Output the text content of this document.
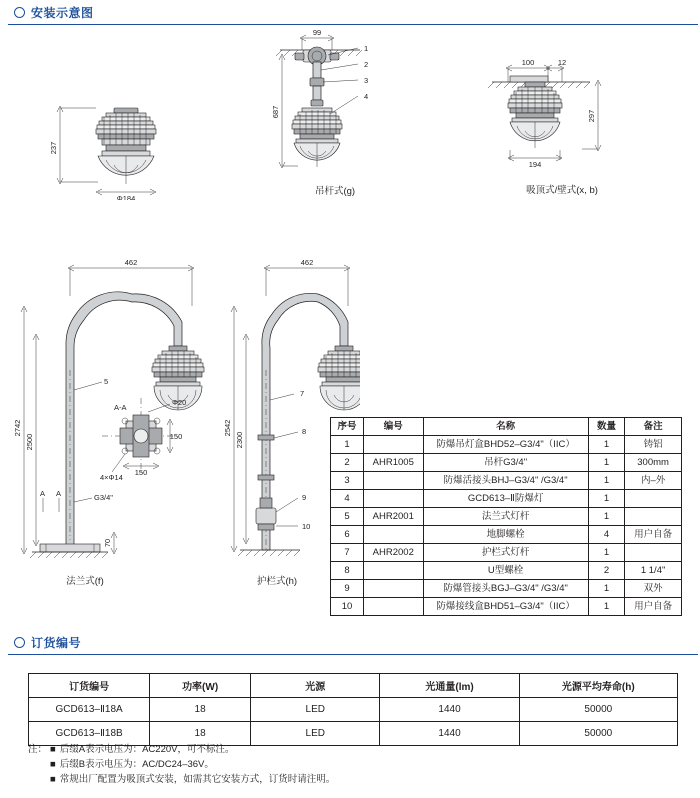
安装示意图
237
Φ184
99
687
1
2
3
4
吊杆式(g)
100	12
297
194
吸顶式/壁式(x, b)
462
5
70
2742
2500
G3/4"
A A
A-A
Φ20
150
150
4×Φ14
法兰式(f)
462
2542
2300
7
8
9
10
护栏式(h)
序号	编号	名称	数量	备注
1		防爆吊灯盒BHD52–G3/4"（IIC）	1	铸铝
2	AHR1005	吊杆G3/4"	1	300mm
3		防爆活接头BHJ–G3/4" /G3/4"	1	内–外
4		GCD613–Ⅱ防爆灯	1	
5	AHR2001	法兰式灯杆	1	
6		地脚螺栓	4	用户自备
7	AHR2002	护栏式灯杆	1	
8		U型螺栓	2	1 1/4"
9		防爆管接头BGJ–G3/4" /G3/4"	1	双外
10		防爆接线盒BHD51–G3/4"（IIC）	1	用户自备
订货编号
订货编号	功率(W)	光源	光通量(lm)	光源平均寿命(h)
GCD613–Ⅱ18A	18	LED	1440	50000
GCD613–Ⅱ18B	18	LED	1440	50000
注： ■ 后缀A表示电压为：AC220V，可不标注。
■ 后缀B表示电压为：AC/DC24–36V。
■ 常规出厂配置为吸顶式安装，如需其它安装方式，订货时请注明。
